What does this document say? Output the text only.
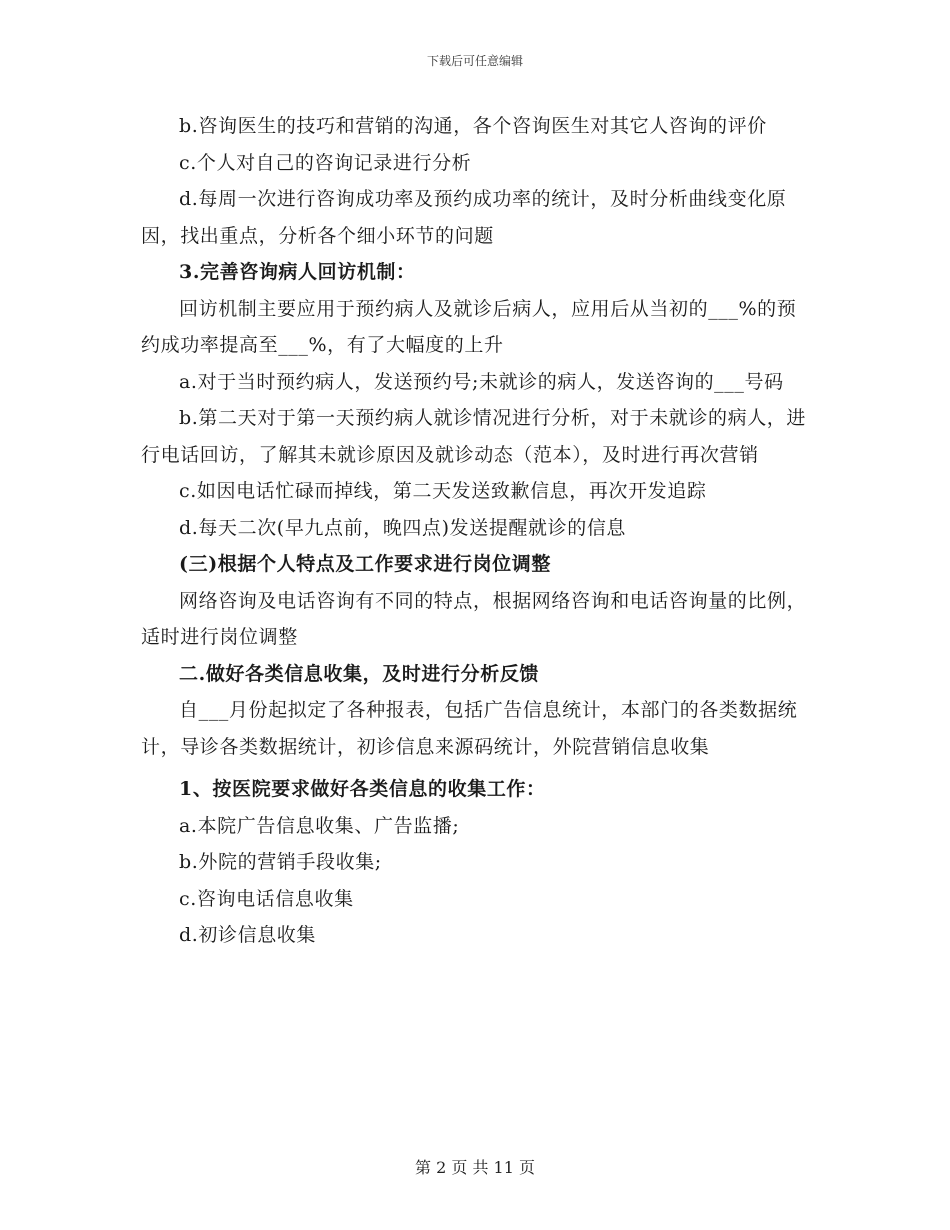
下载后可任意编辑

b.咨询医生的技巧和营销的沟通，各个咨询医生对其它人咨询的评价

c.个人对自己的咨询记录进行分析

d.每周一次进行咨询成功率及预约成功率的统计，及时分析曲线变化原因，找出重点，分析各个细小环节的问题

3.完善咨询病人回访机制：

回访机制主要应用于预约病人及就诊后病人，应用后从当初的___%的预约成功率提高至___%，有了大幅度的上升

a.对于当时预约病人，发送预约号;未就诊的病人，发送咨询的___号码

b.第二天对于第一天预约病人就诊情况进行分析，对于未就诊的病人，进行电话回访，了解其未就诊原因及就诊动态（范本），及时进行再次营销

c.如因电话忙碌而掉线，第二天发送致歉信息，再次开发追踪

d.每天二次(早九点前，晚四点)发送提醒就诊的信息

(三)根据个人特点及工作要求进行岗位调整

网络咨询及电话咨询有不同的特点，根据网络咨询和电话咨询量的比例，适时进行岗位调整

二.做好各类信息收集，及时进行分析反馈

自___月份起拟定了各种报表，包括广告信息统计，本部门的各类数据统计，导诊各类数据统计，初诊信息来源码统计，外院营销信息收集

1、按医院要求做好各类信息的收集工作：

a.本院广告信息收集、广告监播;

b.外院的营销手段收集;

c.咨询电话信息收集

d.初诊信息收集

第 2 页 共 11 页
